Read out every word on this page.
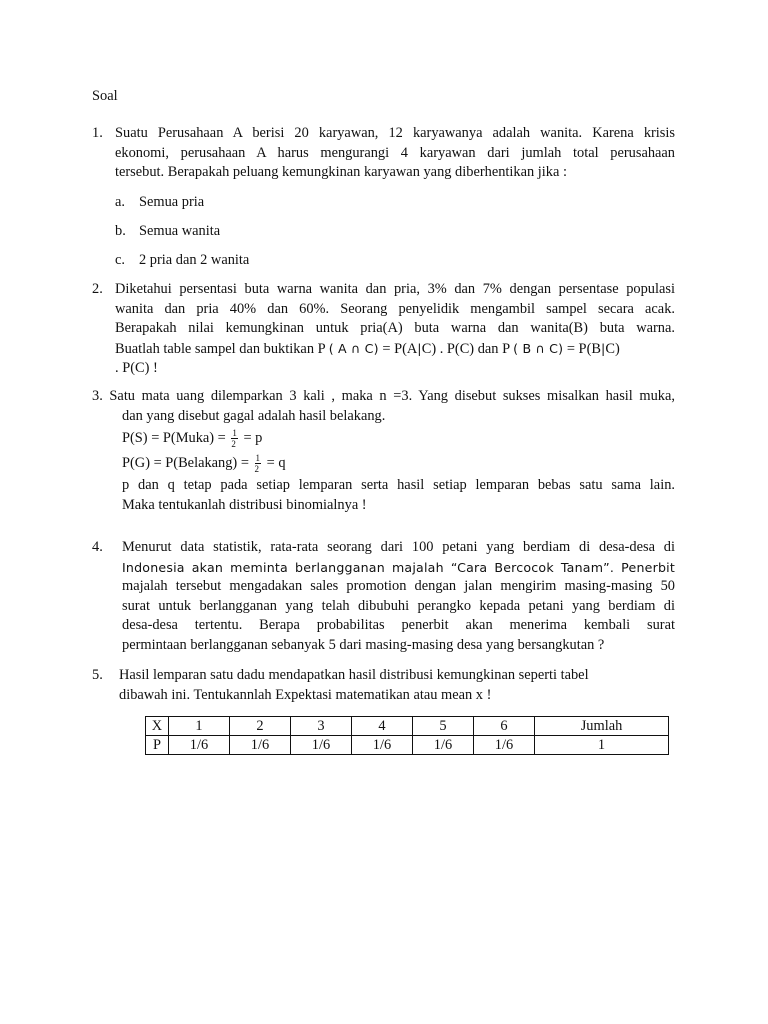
Soal
1. Suatu Perusahaan A berisi 20 karyawan, 12 karyawanya adalah wanita. Karena krisis
ekonomi, perusahaan A harus mengurangi 4 karyawan dari jumlah total perusahaan
tersebut. Berapakah peluang kemungkinan karyawan yang diberhentikan jika :
a. Semua pria
b. Semua wanita
c. 2 pria dan 2 wanita
2. Diketahui persentasi buta warna wanita dan pria, 3% dan 7% dengan persentase populasi
wanita dan pria 40% dan 60%. Seorang penyelidik mengambil sampel secara acak.
Berapakah nilai kemungkinan untuk pria(A) buta warna dan wanita(B) buta warna.
Buatlah table sampel dan buktikan P ( A ∩ C) = P(A|C) . P(C) dan P ( B ∩ C) = P(B|C)
. P(C) !
3. Satu mata uang dilemparkan 3 kali , maka n =3. Yang disebut sukses misalkan hasil muka,
dan yang disebut gagal adalah hasil belakang.
P(S) = P(Muka) = $\frac{1}{2} = p$
P(G) = P(Belakang) = $\frac{1}{2} = q$
p dan q tetap pada setiap lemparan serta hasil setiap lemparan bebas satu sama lain.
Maka tentukanlah distribusi binomialnya !
4. Menurut data statistik, rata-rata seorang dari 100 petani yang berdiam di desa-desa di
Indonesia akan meminta berlangganan majalah “Cara Bercocok Tanam”. Penerbit
majalah tersebut mengadakan sales promotion dengan jalan mengirim masing-masing 50
surat untuk berlangganan yang telah dibubuhi perangko kepada petani yang berdiam di
desa-desa tertentu. Berapa probabilitas penerbit akan menerima kembali surat
permintaan berlangganan sebanyak 5 dari masing-masing desa yang bersangkutan ?
5. Hasil lemparan satu dadu mendapatkan hasil distribusi kemungkinan seperti tabel
dibawah ini. Tentukannlah Expektasi matematikan atau mean x !
X	1	2	3	4	5	6	Jumlah
P	1/6	1/6	1/6	1/6	1/6	1/6	1
